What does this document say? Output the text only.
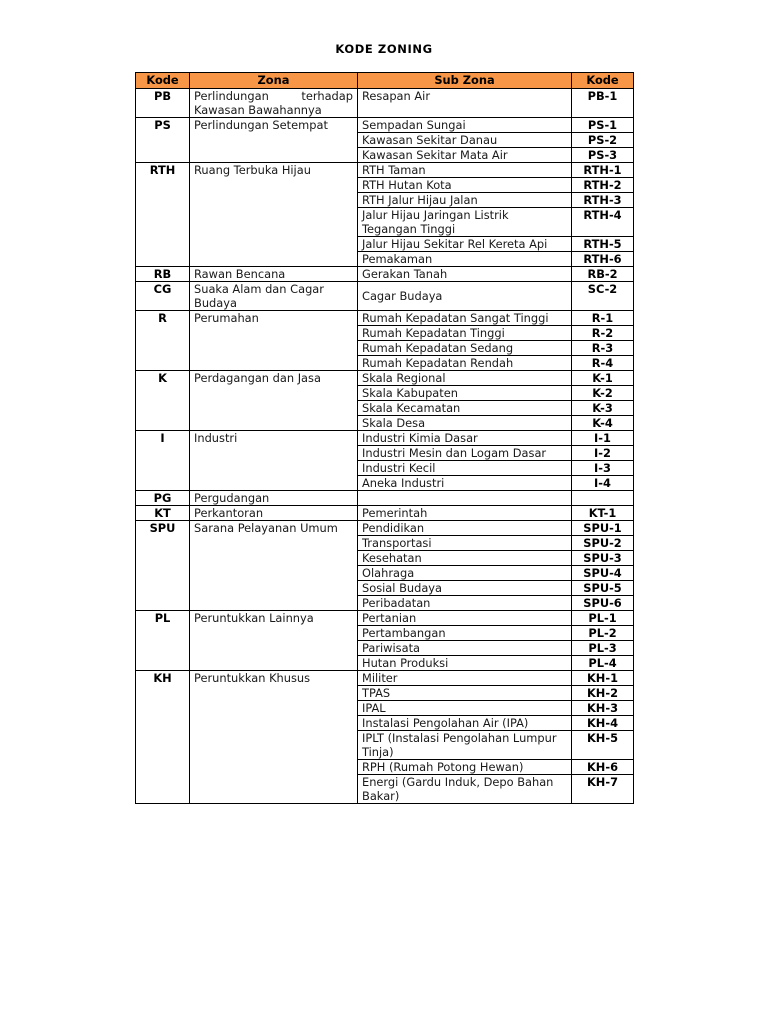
KODE ZONING
Kode	Zona	Sub Zona	Kode
PB	Perlindungan terhadap Kawasan Bawahannya	Resapan Air	PB-1
PS	Perlindungan Setempat	Sempadan Sungai	PS-1
		Kawasan Sekitar Danau	PS-2
		Kawasan Sekitar Mata Air	PS-3
RTH	Ruang Terbuka Hijau	RTH Taman	RTH-1
		RTH Hutan Kota	RTH-2
		RTH Jalur Hijau Jalan	RTH-3
		Jalur Hijau Jaringan Listrik Tegangan Tinggi	RTH-4
		Jalur Hijau Sekitar Rel Kereta Api	RTH-5
		Pemakaman	RTH-6
RB	Rawan Bencana	Gerakan Tanah	RB-2
CG	Suaka Alam dan Cagar Budaya	Cagar Budaya	SC-2
R	Perumahan	Rumah Kepadatan Sangat Tinggi	R-1
		Rumah Kepadatan Tinggi	R-2
		Rumah Kepadatan Sedang	R-3
		Rumah Kepadatan Rendah	R-4
K	Perdagangan dan Jasa	Skala Regional	K-1
		Skala Kabupaten	K-2
		Skala Kecamatan	K-3
		Skala Desa	K-4
I	Industri	Industri Kimia Dasar	I-1
		Industri Mesin dan Logam Dasar	I-2
		Industri Kecil	I-3
		Aneka Industri	I-4
PG	Pergudangan		
KT	Perkantoran	Pemerintah	KT-1
SPU	Sarana Pelayanan Umum	Pendidikan	SPU-1
		Transportasi	SPU-2
		Kesehatan	SPU-3
		Olahraga	SPU-4
		Sosial Budaya	SPU-5
		Peribadatan	SPU-6
PL	Peruntukkan Lainnya	Pertanian	PL-1
		Pertambangan	PL-2
		Pariwisata	PL-3
		Hutan Produksi	PL-4
KH	Peruntukkan Khusus	Militer	KH-1
		TPAS	KH-2
		IPAL	KH-3
		Instalasi Pengolahan Air (IPA)	KH-4
		IPLT (Instalasi Pengolahan Lumpur Tinja)	KH-5
		RPH (Rumah Potong Hewan)	KH-6
		Energi (Gardu Induk, Depo Bahan Bakar)	KH-7
